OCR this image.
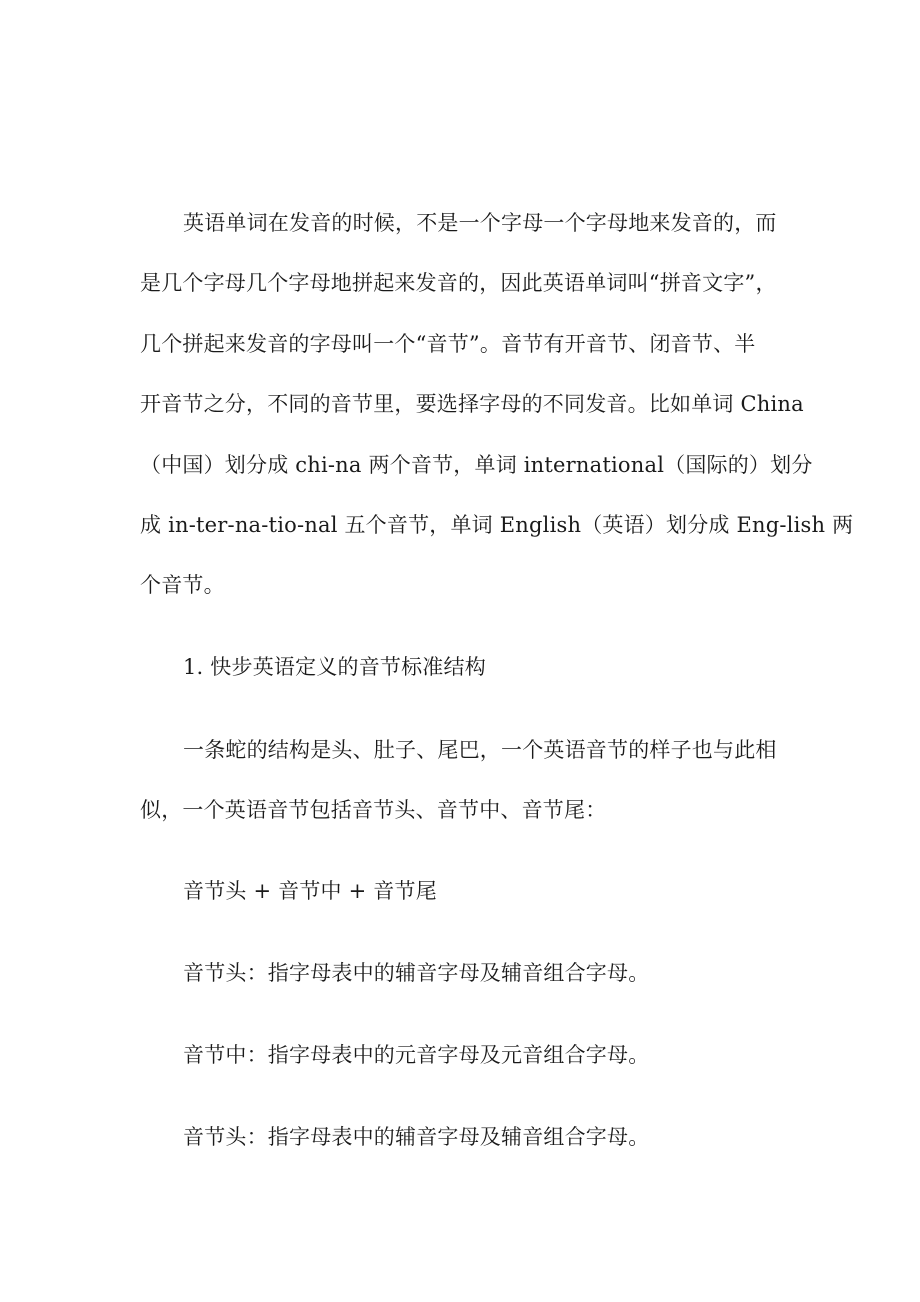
英语单词在发音的时候，不是一个字母一个字母地来发音的，而
是几个字母几个字母地拼起来发音的，因此英语单词叫“拼音文字”，
几个拼起来发音的字母叫一个“音节”。音节有开音节、闭音节、半
开音节之分，不同的音节里，要选择字母的不同发音。比如单词 China
（中国）划分成 chi-na 两个音节，单词 international（国际的）划分
成 in-ter-na-tio-nal 五个音节，单词 English（英语）划分成 Eng-lish 两
个音节。
1. 快步英语定义的音节标准结构
一条蛇的结构是头、肚子、尾巴，一个英语音节的样子也与此相
似，一个英语音节包括音节头、音节中、音节尾：
音节头 + 音节中 + 音节尾
音节头：指字母表中的辅音字母及辅音组合字母。
音节中：指字母表中的元音字母及元音组合字母。
音节头：指字母表中的辅音字母及辅音组合字母。
